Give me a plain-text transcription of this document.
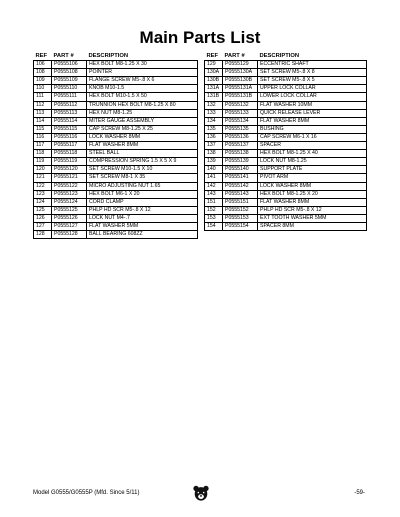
Main Parts List
REF	PART #	DESCRIPTION
106	P0555106	HEX BOLT M8-1.25 X 30
108	P0555108	POINTER
109	P0555109	FLANGE SCREW M5-.8 X 6
110	P0555110	KNOB M10-1.5
111	P0555111	HEX BOLT M10-1.5 X 50
112	P0555112	TRUNNION HEX BOLT M8-1.25 X 80
113	P0555113	HEX NUT M8-1.25
114	P0555114	MITER GAUGE ASSEMBLY
115	P0555115	CAP SCREW M8-1.25 X 25
116	P0555116	LOCK WASHER 8MM
117	P0555117	FLAT WASHER 8MM
118	P0555118	STEEL BALL
119	P0555119	COMPRESSION SPRING 1.5 X 5 X 9
120	P0555120	SET SCREW M10-1.5 X 10
121	P0555121	SET SCREW M8-1 X 35
122	P0555122	MICRO ADJUSTING NUT 1.65
123	P0555123	HEX BOLT M6-1 X 20
124	P0555124	CORD CLAMP
125	P0555125	PHLP HD SCR M5-.8 X 12
126	P0555126	LOCK NUT M4-.7
127	P0555127	FLAT WASHER 5MM
128	P0555128	BALL BEARING 608ZZ
REF	PART #	DESCRIPTION
129	P0555129	ECCENTRIC SHAFT
130A	P0555130A	SET SCREW M5-.8 X 8
130B	P0555130B	SET SCREW M5-.8 X 5
131A	P0555131A	UPPER LOCK COLLAR
131B	P0555131B	LOWER LOCK COLLAR
132	P0555132	FLAT WASHER 10MM
133	P0555133	QUICK RELEASE LEVER
134	P0555134	FLAT WASHER 8MM
135	P0555135	BUSHING
136	P0555136	CAP SCREW M6-1 X 16
137	P0555137	SPACER
138	P0555138	HEX BOLT M8-1.25 X 40
139	P0555139	LOCK NUT M8-1.25
140	P0555140	SUPPORT PLATE
141	P0555141	PIVOT ARM
142	P0555142	LOCK WASHER 8MM
143	P0555143	HEX BOLT M8-1.25 X 20
151	P0555151	FLAT WASHER 8MM
152	P0555152	PHLP HD SCR M5-.8 X 12
153	P0555153	EXT TOOTH WASHER 5MM
154	P0555154	SPACER 8MM
Model G0555/G0555P (Mfd. Since 5/11)	-59-
